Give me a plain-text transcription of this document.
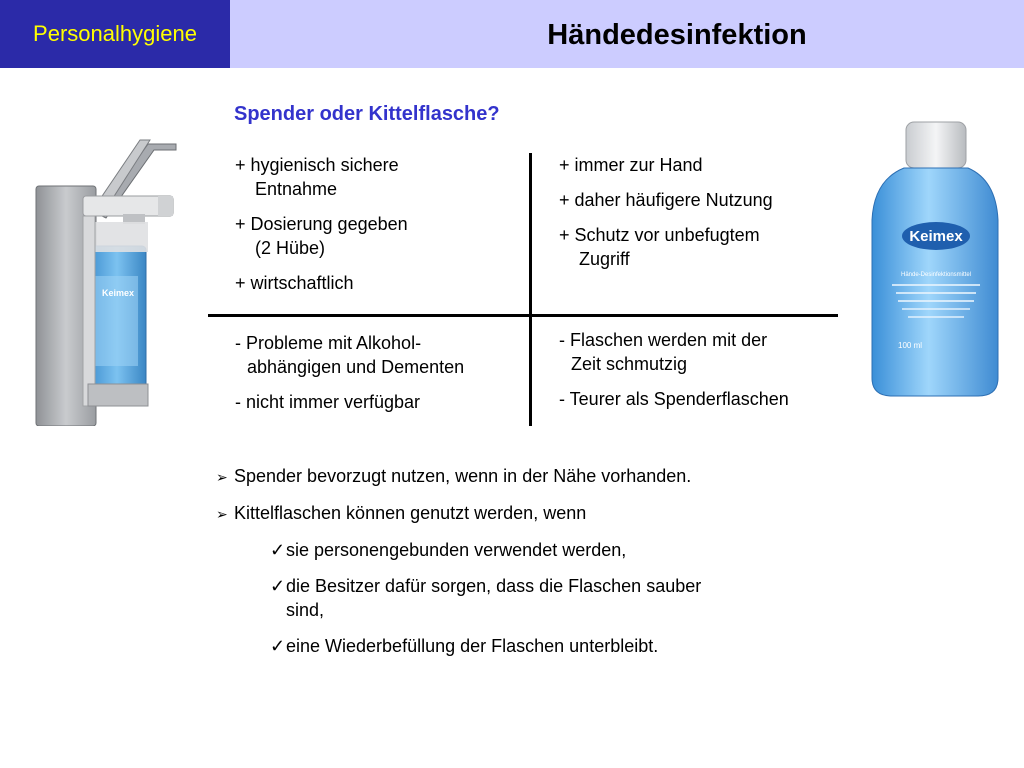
Personalhygiene	Händedesinfektion
Spender oder Kittelflasche?
Keimex
Keimex
Hände-Desinfektionsmittel
100 ml
+ hygienisch sichere
Entnahme
+ Dosierung gegeben
(2 Hübe)
+ wirtschaftlich
+ immer zur Hand
+ daher häufigere Nutzung
+ Schutz vor unbefugtem
Zugriff
- Probleme mit Alkohol-
abhängigen und Dementen
- nicht immer verfügbar
- Flaschen werden mit der
Zeit schmutzig
- Teurer als Spenderflaschen
➢ Spender bevorzugt nutzen, wenn in der Nähe vorhanden.
➢ Kittelflaschen können genutzt werden, wenn
✓sie personengebunden verwendet werden,
✓die Besitzer dafür sorgen, dass die Flaschen sauber
sind,
✓eine Wiederbefüllung der Flaschen unterbleibt.
